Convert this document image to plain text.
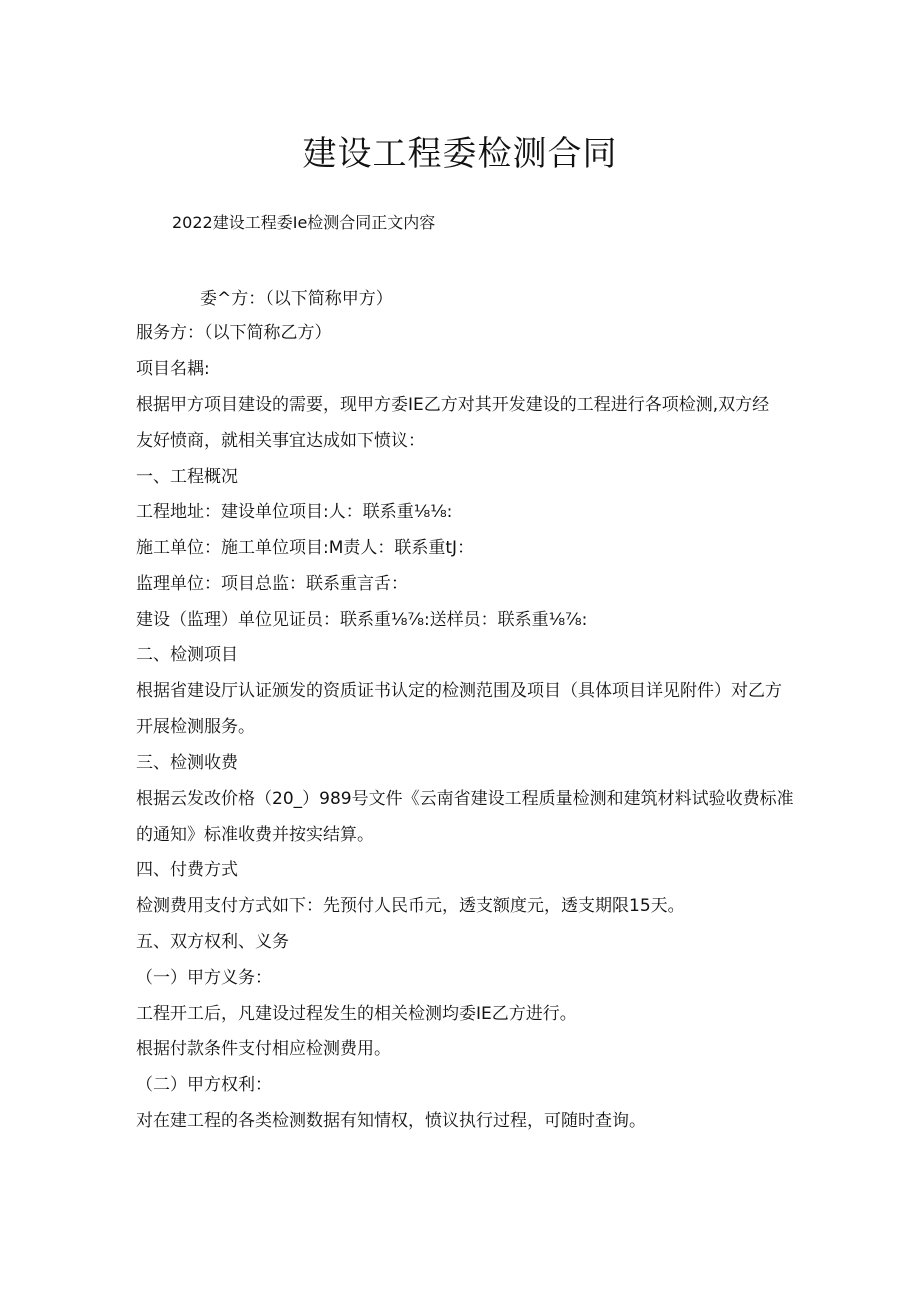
建设工程委检测合同
2022建设工程委Ie检测合同正文内容
委^方：（以下简称甲方）
服务方：（以下简称乙方）
项目名耦:
根据甲方项目建设的需要，现甲方委IE乙方对其开发建设的工程进行各项检测,双方经
友好愤商，就相关事宜达成如下愤议：
一、工程概况
工程地址：建设单位项目:人：联系重⅛⅛:
施工单位：施工单位项目:M责人：联系重tJ：
监理单位：项目总监：联系重言舌：
建设（监理）单位见证员：联系重⅛⅞:送样员：联系重⅛⅞:
二、检测项目
根据省建设厅认证颁发的资质证书认定的检测范围及项目（具体项目详见附件）对乙方
开展检测服务。
三、检测收费
根据云发改价格（20_）989号文件《云南省建设工程质量检测和建筑材料试验收费标准
的通知》标准收费并按实结算。
四、付费方式
检测费用支付方式如下：先预付人民币元，透支额度元，透支期限15天。
五、双方权利、义务
（一）甲方义务：
工程开工后，凡建设过程发生的相关检测均委IE乙方进行。
根据付款条件支付相应检测费用。
（二）甲方权利：
对在建工程的各类检测数据有知情权，愤议执行过程，可随时查询。
